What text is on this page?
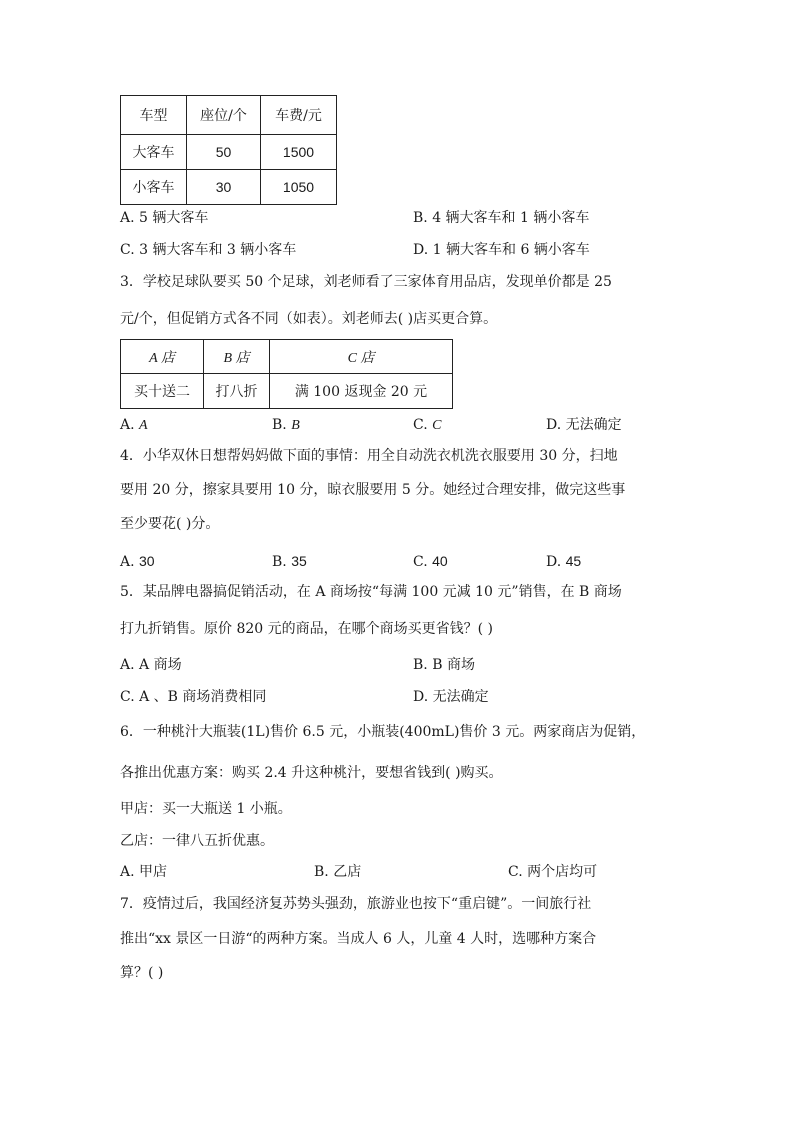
车型	座位/个	车费/元
大客车	50	1500
小客车	30	1050
A. 5 辆大客车	B. 4 辆大客车和 1 辆小客车
C. 3 辆大客车和 3 辆小客车	D. 1 辆大客车和 6 辆小客车
3．学校足球队要买 50 个足球，刘老师看了三家体育用品店，发现单价都是 25
元/个，但促销方式各不同（如表）。刘老师去( )店买更合算。
A 店	B 店	C 店
买十送二	打八折	满 100 返现金 20 元
A. A	B. B	C. C	D. 无法确定
4．小华双休日想帮妈妈做下面的事情：用全自动洗衣机洗衣服要用 30 分，扫地
要用 20 分，擦家具要用 10 分，晾衣服要用 5 分。她经过合理安排，做完这些事
至少要花( )分。
A. 30	B. 35	C. 40	D. 45
5．某品牌电器搞促销活动，在 A 商场按“每满 100 元减 10 元”销售，在 B 商场
打九折销售。原价 820 元的商品，在哪个商场买更省钱？( )
A. A 商场	B. B 商场
C. A 、B 商场消费相同	D. 无法确定
6．一种桃汁大瓶装(1L)售价 6.5 元，小瓶装(400mL)售价 3 元。两家商店为促销，
各推出优惠方案：购买 2.4 升这种桃汁，要想省钱到( )购买。
甲店：买一大瓶送 1 小瓶。
乙店：一律八五折优惠。
A. 甲店	B. 乙店	C. 两个店均可
7．疫情过后，我国经济复苏势头强劲，旅游业也按下“重启键”。一间旅行社
推出“xx 景区一日游“的两种方案。当成人 6 人，儿童 4 人时，选哪种方案合
算？( )
